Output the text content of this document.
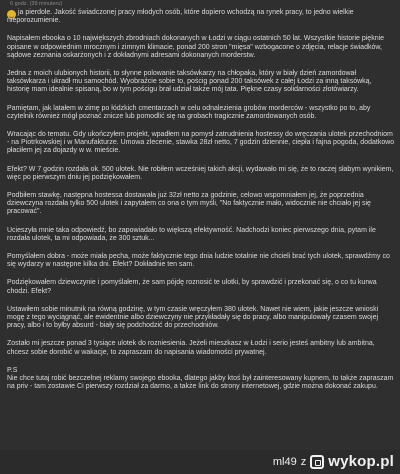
6 godz. (39 minuteru)

ja pierdole. Jakość świadczonej pracy młodych osób, które dopiero wchodzą na rynek pracy, to jedno wielkie nieporozumienie.

Napisałem ebooka o 10 największych zbrodniach dokonanych w Łodzi w ciągu ostatnich 50 lat. Wszystkie historie pięknie opisane w odpowiednim mrocznym i zimnym klimacie, ponad 200 stron "mięsa" wzbogacone o zdjęcia, relacje świadków, sądowe zeznania oskarżonych i z dokładnymi adresami dokonanych morderstw.

Jedna z moich ulubionych historii, to słynne polowanie taksówkarzy na chłopaka, który w biały dzień zamordował taksówkarza i ukradł mu samochód. Wyobraźcie sobie to, pościg ponad 200 taksówek z całej Łodzi za inną taksówką, historię mam idealnie spisaną, bo w tym pościgu brał udział także mój tata. Piękne czasy solidarności złotówiarzy.

Pamiętam, jak latałem w zimę po łódzkich cmentarzach w celu odnalezienia grobów morderców - wszystko po to, aby czytelnik również mógł poznać znicze lub pomodlić się na grobach tragicznie zamordowanych osób.

Wracając do tematu. Gdy ukończyłem projekt, wpadłem na pomysł zatrudnienia hostessy do wręczania ulotek przechodniom - na Piotrkowskiej i w Manufakturze. Umowa zlecenie, stawka 28zł netto, 7 godzin dziennie, ciepła i fajna pogoda, dodatkowo płaciłem jej za dojazdy w w. mieście.

Efekt? W 7 godzin rozdała ok. 500 ulotek. Nie robiłem wcześniej takich akcji, wydawało mi się, że to raczej słabym wynikiem, więc po pierwszym dniu jej podziękowałem.

Podbiłem stawkę, następna hostessa dostawała już 32zł netto za godzinie, celowo wspomniałem jej, że poprzednia dziewczyna rozdała tylko 500 ulotek i zapytałem co ona o tym myśli, "No faktycznie mało, widocznie nie chciało jej się pracować".

Ucieszyła mnie taka odpowiedź, bo zapowiadało to większą efektywność. Nadchodzi koniec pierwszego dnia, pytam ile rozdała ulotek, ta mi odpowiada, że 300 sztuk...

Pomyślałem dobra - może miała pecha, może faktycznie tego dnia ludzie totalnie nie chcieli brać tych ulotek, sprawdźmy co się wydarzy w następne kilka dni. Efekt? Dokładnie ten sam.

Podziękowałem dziewczynie i pomyślałem, że sam pójdę roznosić te ulotki, by sprawdzić i przekonać się, o co tu kurwa chodzi. Efekt?

Ustawiłem sobie minutnik na równą godzinę, w tym czasie wręczyłem 380 ulotek. Nawet nie wiem, jakie jeszcze wnioski mogę z tego wyciągnąć, ale ewidentnie albo dziewczyny nie przykładały się do pracy, albo manipulowały czasem swojej pracy, albo i to byłby absurd - biały się podchodzić do przechodniów.

Zostało mi jeszcze ponad 3 tysiące ulotek do rozniesienia. Jeżeli mieszkasz w Łodzi i serio jesteś ambitny lub ambitna, chcesz sobie dorobić w wakacje, to zapraszam do napisania wiadomości prywatnej.

P.S
Nie chce tutaj robić bezczelnej reklamy swojego ebooka, dlatego jakby ktoś był zainteresowany kupnem, to także zapraszam na priv - tam zostawie Ci pierwszy rozdział za darmo, a także link do strony internetowej, gdzie można dokonać zakupu.

ml49 z wykop.pl
